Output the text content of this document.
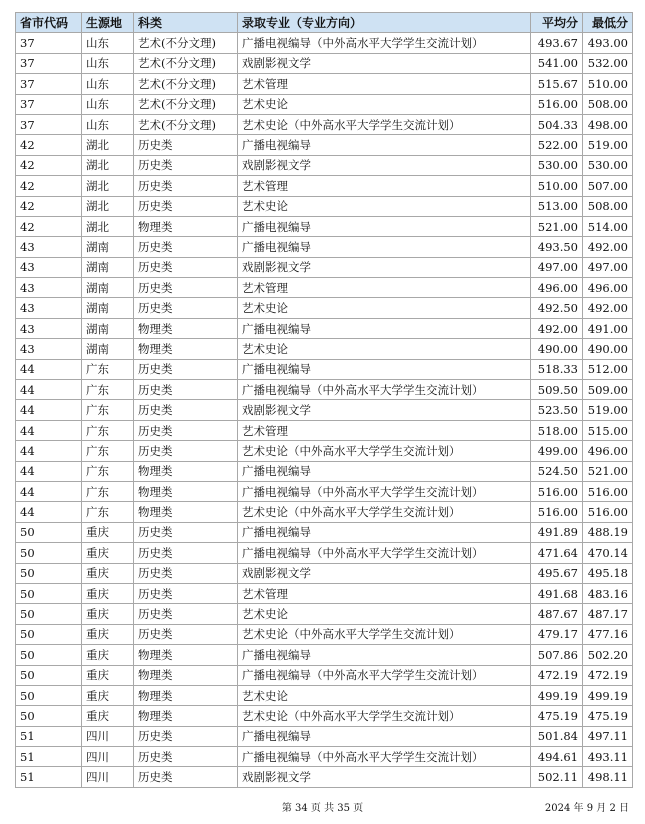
省市代码	生源地	科类	录取专业（专业方向）	平均分	最低分
37	山东	艺术(不分文理)	广播电视编导（中外高水平大学学生交流计划）	493.67	493.00
37	山东	艺术(不分文理)	戏剧影视文学	541.00	532.00
37	山东	艺术(不分文理)	艺术管理	515.67	510.00
37	山东	艺术(不分文理)	艺术史论	516.00	508.00
37	山东	艺术(不分文理)	艺术史论（中外高水平大学学生交流计划）	504.33	498.00
42	湖北	历史类	广播电视编导	522.00	519.00
42	湖北	历史类	戏剧影视文学	530.00	530.00
42	湖北	历史类	艺术管理	510.00	507.00
42	湖北	历史类	艺术史论	513.00	508.00
42	湖北	物理类	广播电视编导	521.00	514.00
43	湖南	历史类	广播电视编导	493.50	492.00
43	湖南	历史类	戏剧影视文学	497.00	497.00
43	湖南	历史类	艺术管理	496.00	496.00
43	湖南	历史类	艺术史论	492.50	492.00
43	湖南	物理类	广播电视编导	492.00	491.00
43	湖南	物理类	艺术史论	490.00	490.00
44	广东	历史类	广播电视编导	518.33	512.00
44	广东	历史类	广播电视编导（中外高水平大学学生交流计划）	509.50	509.00
44	广东	历史类	戏剧影视文学	523.50	519.00
44	广东	历史类	艺术管理	518.00	515.00
44	广东	历史类	艺术史论（中外高水平大学学生交流计划）	499.00	496.00
44	广东	物理类	广播电视编导	524.50	521.00
44	广东	物理类	广播电视编导（中外高水平大学学生交流计划）	516.00	516.00
44	广东	物理类	艺术史论（中外高水平大学学生交流计划）	516.00	516.00
50	重庆	历史类	广播电视编导	491.89	488.19
50	重庆	历史类	广播电视编导（中外高水平大学学生交流计划）	471.64	470.14
50	重庆	历史类	戏剧影视文学	495.67	495.18
50	重庆	历史类	艺术管理	491.68	483.16
50	重庆	历史类	艺术史论	487.67	487.17
50	重庆	历史类	艺术史论（中外高水平大学学生交流计划）	479.17	477.16
50	重庆	物理类	广播电视编导	507.86	502.20
50	重庆	物理类	广播电视编导（中外高水平大学学生交流计划）	472.19	472.19
50	重庆	物理类	艺术史论	499.19	499.19
50	重庆	物理类	艺术史论（中外高水平大学学生交流计划）	475.19	475.19
51	四川	历史类	广播电视编导	501.84	497.11
51	四川	历史类	广播电视编导（中外高水平大学学生交流计划）	494.61	493.11
51	四川	历史类	戏剧影视文学	502.11	498.11
第 34 页 共 35 页	2024 年 9 月 2 日
